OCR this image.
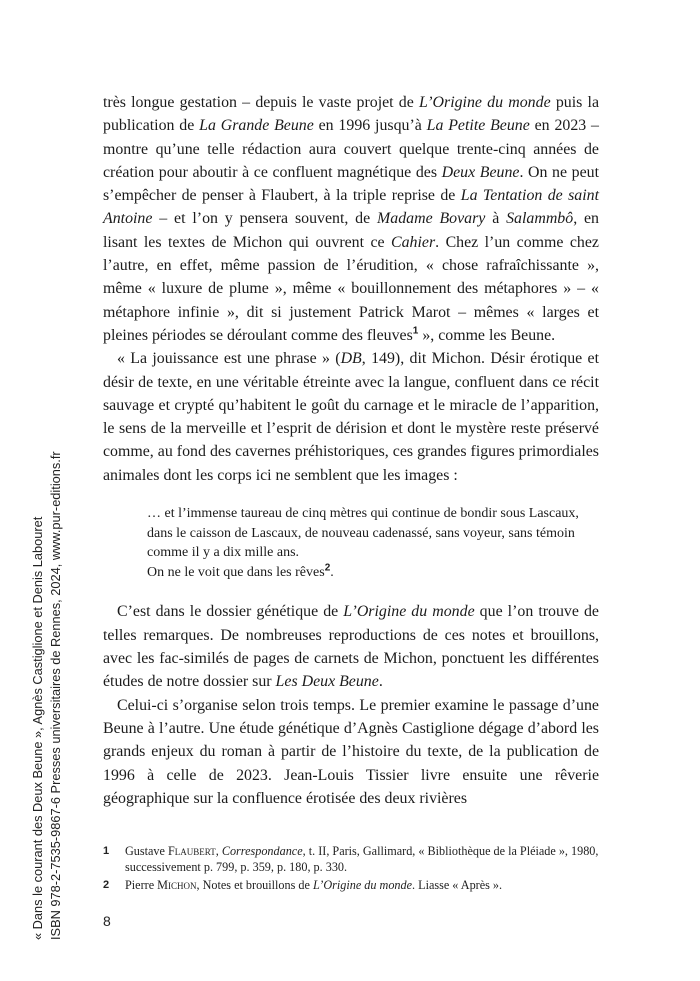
« Dans le courant des Deux Beune », Agnès Castiglione et Denis Labouret ISBN 978-2-7535-9867-6 Presses universitaires de Rennes, 2024, www.pur-editions.fr

très longue gestation – depuis le vaste projet de L’Origine du monde puis la publication de La Grande Beune en 1996 jusqu’à La Petite Beune en 2023 – montre qu’une telle rédaction aura couvert quelque trente-cinq années de création pour aboutir à ce confluent magnétique des Deux Beune. On ne peut s’empêcher de penser à Flaubert, à la triple reprise de La Tentation de saint Antoine – et l’on y pensera souvent, de Madame Bovary à Salammbô, en lisant les textes de Michon qui ouvrent ce Cahier. Chez l’un comme chez l’autre, en effet, même passion de l’érudition, « chose rafraîchissante », même « luxure de plume », même « bouillonnement des métaphores » – « métaphore infinie », dit si justement Patrick Marot – mêmes « larges et pleines périodes se déroulant comme des fleuves$^1$ », comme les Beune.

« La jouissance est une phrase » (DB, 149), dit Michon. Désir érotique et désir de texte, en une véritable étreinte avec la langue, confluent dans ce récit sauvage et crypté qu’habitent le goût du carnage et le miracle de l’apparition, le sens de la merveille et l’esprit de dérision et dont le mystère reste préservé comme, au fond des cavernes préhistoriques, ces grandes figures primordiales animales dont les corps ici ne semblent que les images :

… et l’immense taureau de cinq mètres qui continue de bondir sous Lascaux,
dans le caisson de Lascaux, de nouveau cadenassé, sans voyeur, sans témoin
comme il y a dix mille ans.
On ne le voit que dans les rêves$^2$.

C’est dans le dossier génétique de L’Origine du monde que l’on trouve de telles remarques. De nombreuses reproductions de ces notes et brouillons, avec les fac-similés de pages de carnets de Michon, ponctuent les différentes études de notre dossier sur Les Deux Beune.

Celui-ci s’organise selon trois temps. Le premier examine le passage d’une Beune à l’autre. Une étude génétique d’Agnès Castiglione dégage d’abord les grands enjeux du roman à partir de l’histoire du texte, de la publication de 1996 à celle de 2023. Jean-Louis Tissier livre ensuite une rêverie géographique sur la confluence érotisée des deux rivières

1 Gustave Flaubert, Correspondance, t. II, Paris, Gallimard, « Bibliothèque de la Pléiade », 1980, successivement p. 799, p. 359, p. 180, p. 330.

2 Pierre Michon, Notes et brouillons de L’Origine du monde. Liasse « Après ».

8
